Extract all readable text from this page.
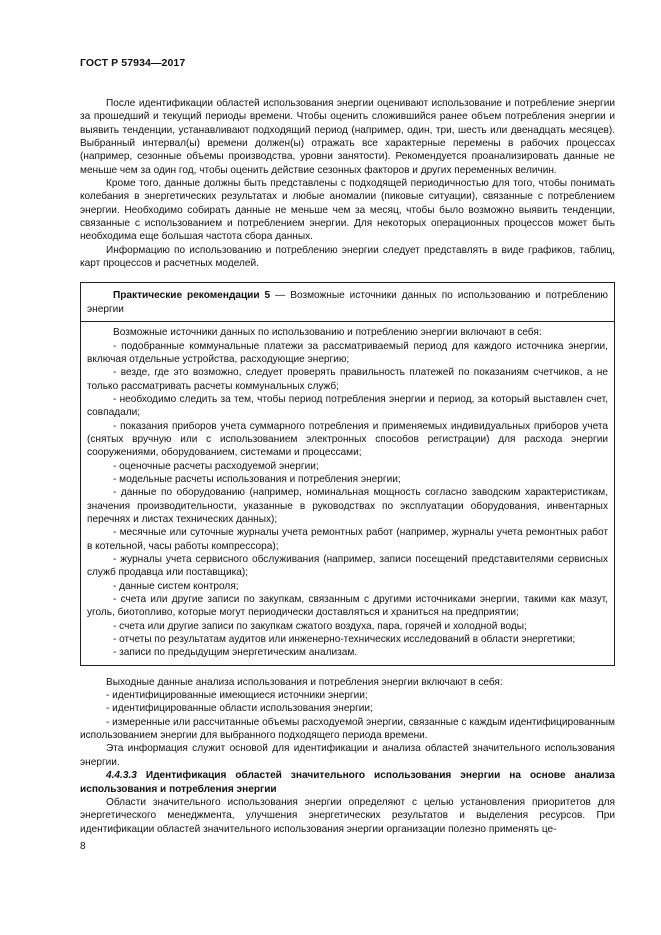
ГОСТ Р 57934—2017

После идентификации областей использования энергии оценивают использование и потребление энергии за прошедший и текущий периоды времени. Чтобы оценить сложившийся ранее объем потребления энергии и выявить тенденции, устанавливают подходящий период (например, один, три, шесть или двенадцать месяцев). Выбранный интервал(ы) времени должен(ы) отражать все характерные перемены в рабочих процессах (например, сезонные объемы производства, уровни занятости). Рекомендуется проанализировать данные не меньше чем за один год, чтобы оценить действие сезонных факторов и других переменных величин.

Кроме того, данные должны быть представлены с подходящей периодичностью для того, чтобы понимать колебания в энергетических результатах и любые аномалии (пиковые ситуации), связанные с потреблением энергии. Необходимо собирать данные не меньше чем за месяц, чтобы было возможно выявить тенденции, связанные с использованием и потреблением энергии. Для некоторых операционных процессов может быть необходима еще большая частота сбора данных.

Информацию по использованию и потреблению энергии следует представлять в виде графиков, таблиц, карт процессов и расчетных моделей.

Практические рекомендации 5 — Возможные источники данных по использованию и потреблению энергии

Возможные источники данных по использованию и потреблению энергии включают в себя:

- подобранные коммунальные платежи за рассматриваемый период для каждого источника энергии, включая отдельные устройства, расходующие энергию;

- везде, где это возможно, следует проверять правильность платежей по показаниям счетчиков, а не только рассматривать расчеты коммунальных служб;

- необходимо следить за тем, чтобы период потребления энергии и период, за который выставлен счет, совпадали;

- показания приборов учета суммарного потребления и применяемых индивидуальных приборов учета (снятых вручную или с использованием электронных способов регистрации) для расхода энергии сооружениями, оборудованием, системами и процессами;

- оценочные расчеты расходуемой энергии;

- модельные расчеты использования и потребления энергии;

- данные по оборудованию (например, номинальная мощность согласно заводским характеристикам, значения производительности, указанные в руководствах по эксплуатации оборудования, инвентарных перечнях и листах технических данных);

- месячные или суточные журналы учета ремонтных работ (например, журналы учета ремонтных работ в котельной, часы работы компрессора);

- журналы учета сервисного обслуживания (например, записи посещений представителями сервисных служб продавца или поставщика);

- данные систем контроля;

- счета или другие записи по закупкам, связанным с другими источниками энергии, такими как мазут, уголь, биотопливо, которые могут периодически доставляться и храниться на предприятии;

- счета или другие записи по закупкам сжатого воздуха, пара, горячей и холодной воды;

- отчеты по результатам аудитов или инженерно-технических исследований в области энергетики;

- записи по предыдущим энергетическим анализам.

Выходные данные анализа использования и потребления энергии включают в себя:

- идентифицированные имеющиеся источники энергии;

- идентифицированные области использования энергии;

- измеренные или рассчитанные объемы расходуемой энергии, связанные с каждым идентифицированным использованием энергии для выбранного подходящего периода времени.

Эта информация служит основой для идентификации и анализа областей значительного использования энергии.

4.4.3.3 Идентификация областей значительного использования энергии на основе анализа использования и потребления энергии

Области значительного использования энергии определяют с целью установления приоритетов для энергетического менеджмента, улучшения энергетических результатов и выделения ресурсов. При идентификации областей значительного использования энергии организации полезно применять це-

8
